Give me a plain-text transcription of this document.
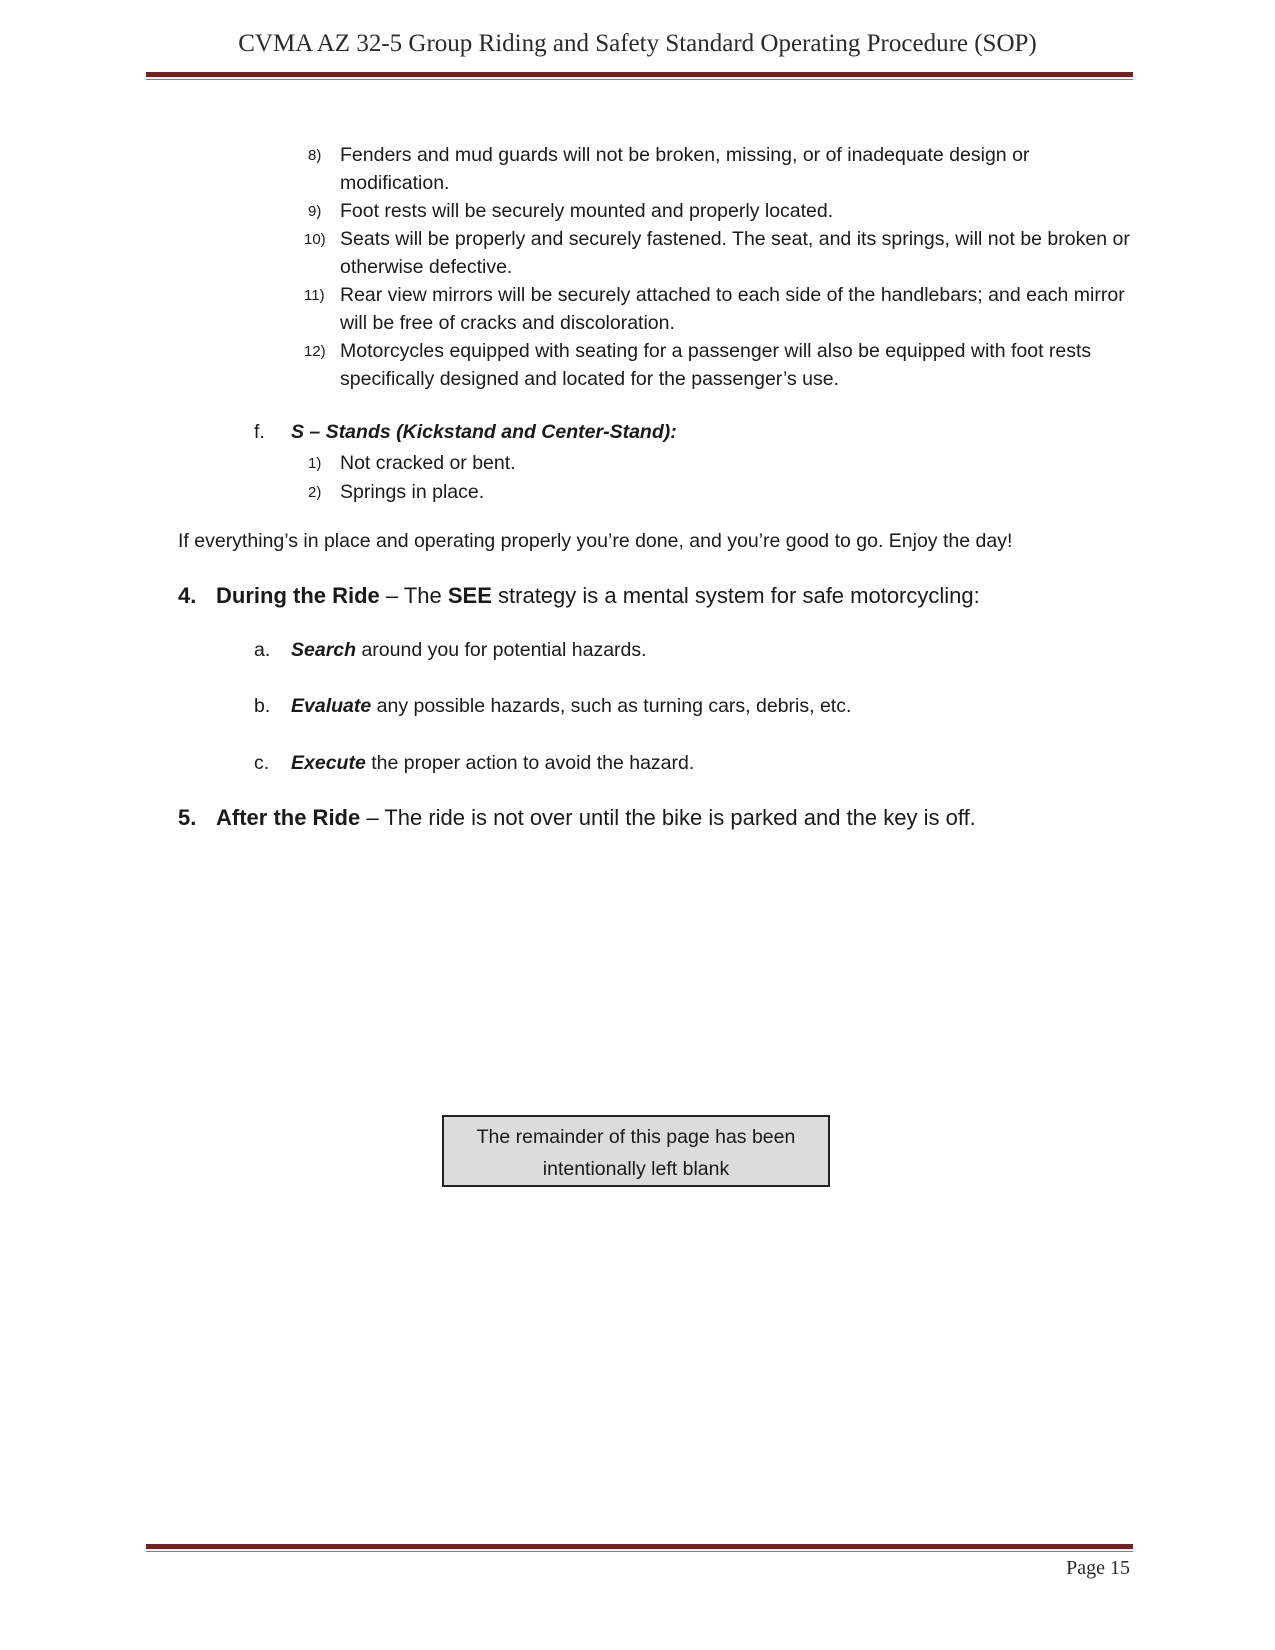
CVMA AZ 32-5 Group Riding and Safety Standard Operating Procedure (SOP)
8) Fenders and mud guards will not be broken, missing, or of inadequate design or modification.
9) Foot rests will be securely mounted and properly located.
10) Seats will be properly and securely fastened. The seat, and its springs, will not be broken or otherwise defective.
11) Rear view mirrors will be securely attached to each side of the handlebars; and each mirror will be free of cracks and discoloration.
12) Motorcycles equipped with seating for a passenger will also be equipped with foot rests specifically designed and located for the passenger’s use.
f. S – Stands (Kickstand and Center-Stand):
1) Not cracked or bent.
2) Springs in place.
If everything’s in place and operating properly you’re done, and you’re good to go. Enjoy the day!
4. During the Ride – The SEE strategy is a mental system for safe motorcycling:
a. Search around you for potential hazards.
b. Evaluate any possible hazards, such as turning cars, debris, etc.
c. Execute the proper action to avoid the hazard.
5. After the Ride – The ride is not over until the bike is parked and the key is off.
The remainder of this page has been
intentionally left blank
Page 15
